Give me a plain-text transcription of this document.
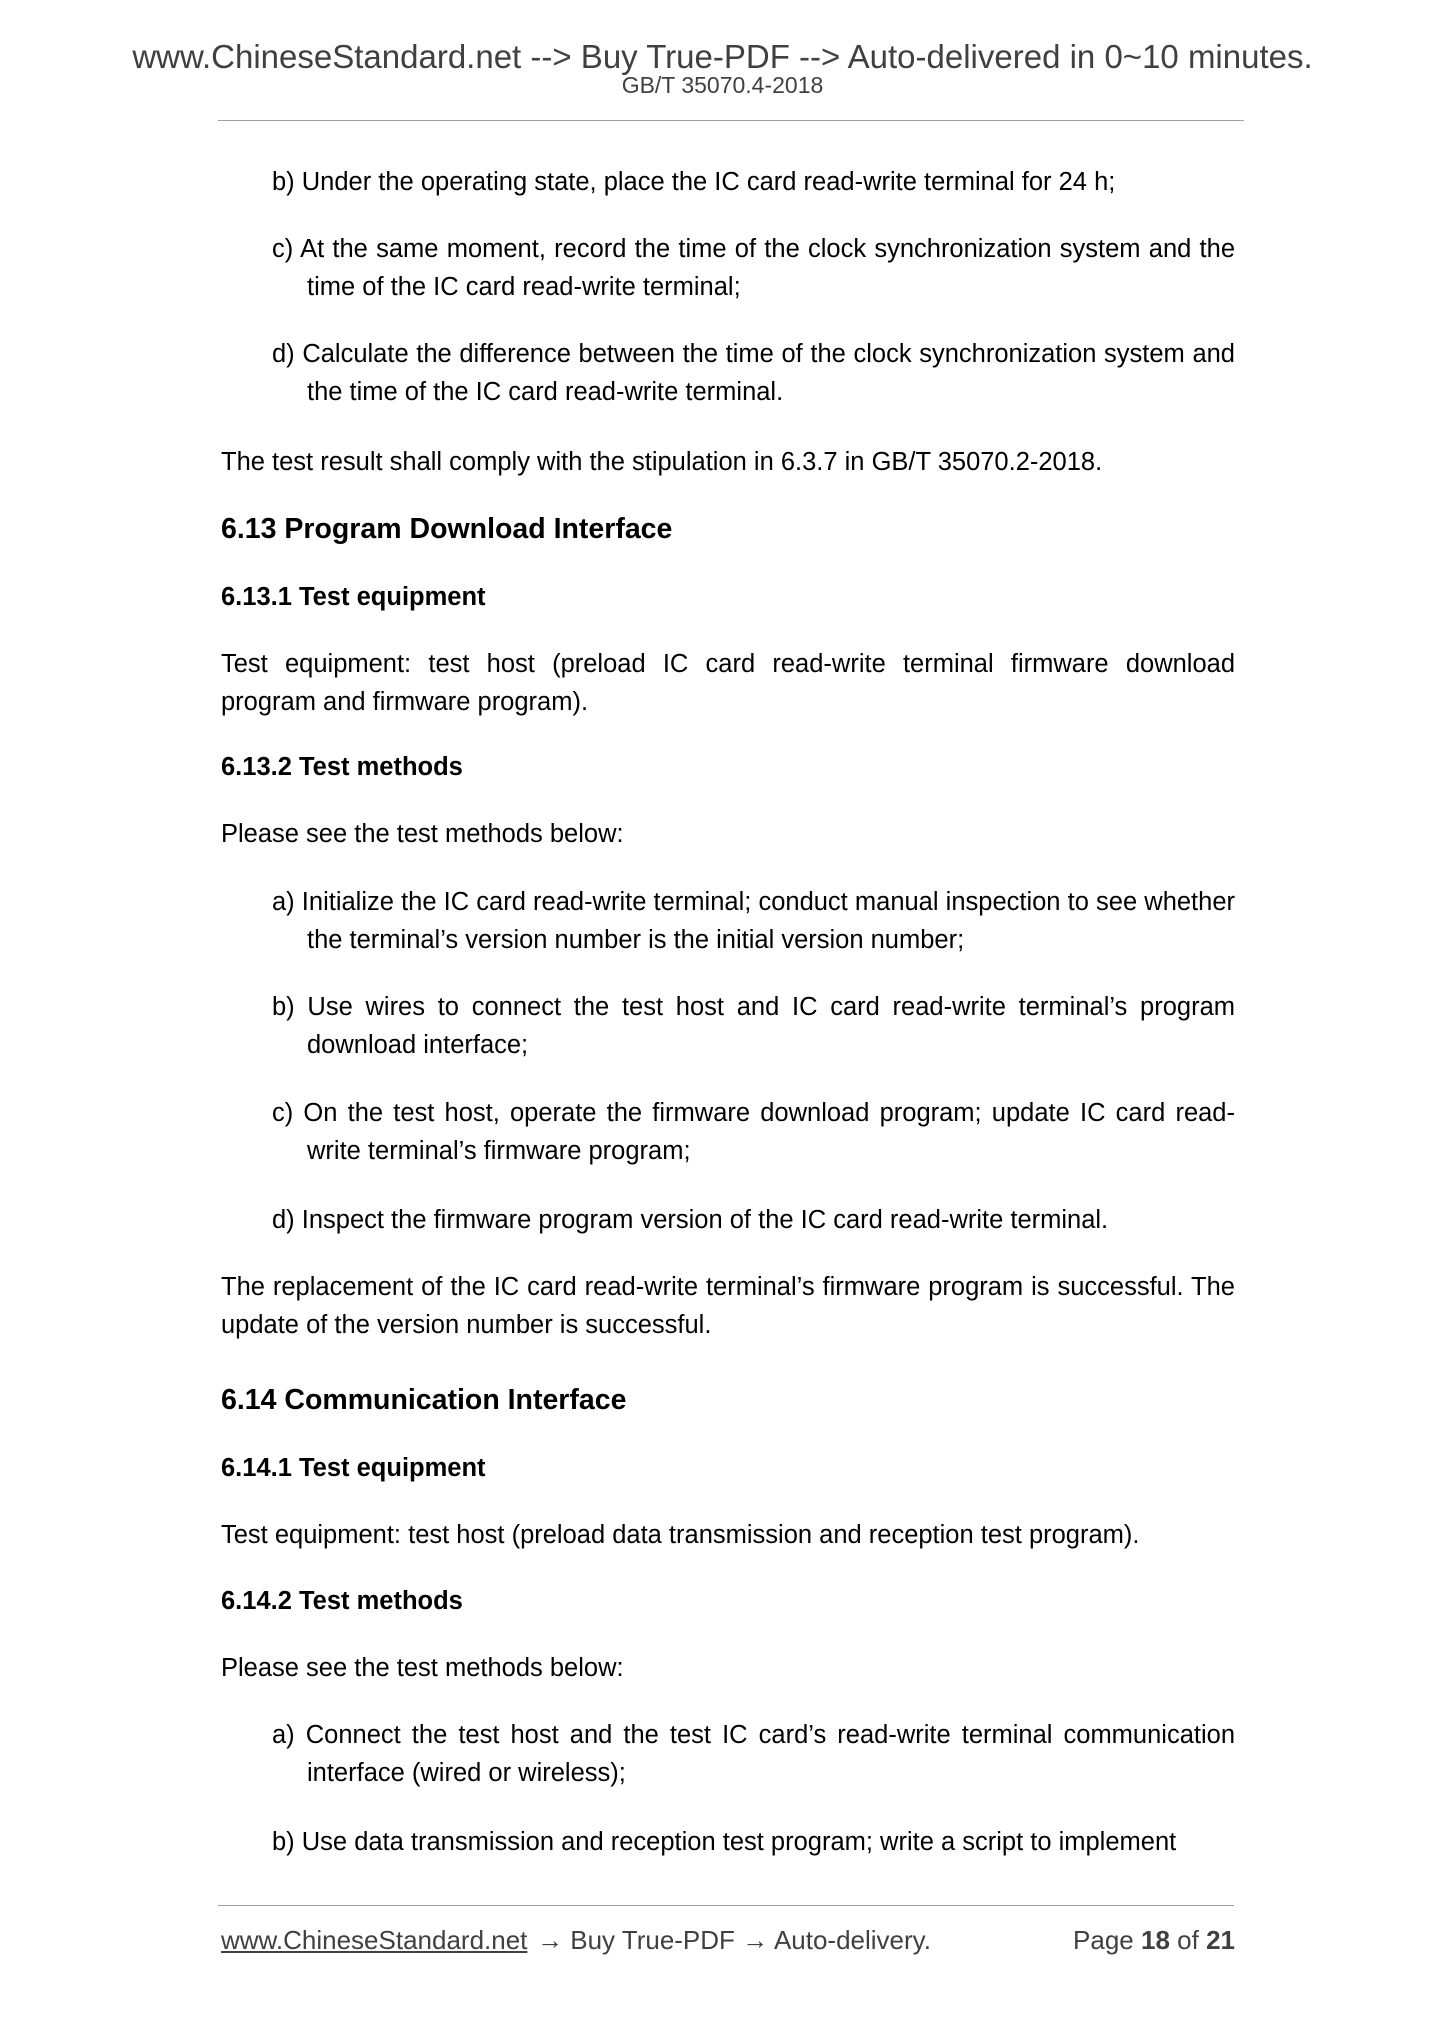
www.ChineseStandard.net --> Buy True-PDF --> Auto-delivered in 0~10 minutes.
GB/T 35070.4-2018
b) Under the operating state, place the IC card read-write terminal for 24 h;
c) At the same moment, record the time of the clock synchronization system and the time of the IC card read-write terminal;
d) Calculate the difference between the time of the clock synchronization system and the time of the IC card read-write terminal.
The test result shall comply with the stipulation in 6.3.7 in GB/T 35070.2-2018.
6.13 Program Download Interface
6.13.1 Test equipment
Test equipment: test host (preload IC card read-write terminal firmware download program and firmware program).
6.13.2 Test methods
Please see the test methods below:
a) Initialize the IC card read-write terminal; conduct manual inspection to see whether the terminal’s version number is the initial version number;
b) Use wires to connect the test host and IC card read-write terminal’s program download interface;
c) On the test host, operate the firmware download program; update IC card read-write terminal’s firmware program;
d) Inspect the firmware program version of the IC card read-write terminal.
The replacement of the IC card read-write terminal’s firmware program is successful. The update of the version number is successful.
6.14 Communication Interface
6.14.1 Test equipment
Test equipment: test host (preload data transmission and reception test program).
6.14.2 Test methods
Please see the test methods below:
a) Connect the test host and the test IC card’s read-write terminal communication interface (wired or wireless);
b) Use data transmission and reception test program; write a script to implement
www.ChineseStandard.net → Buy True-PDF → Auto-delivery.	Page 18 of 21
